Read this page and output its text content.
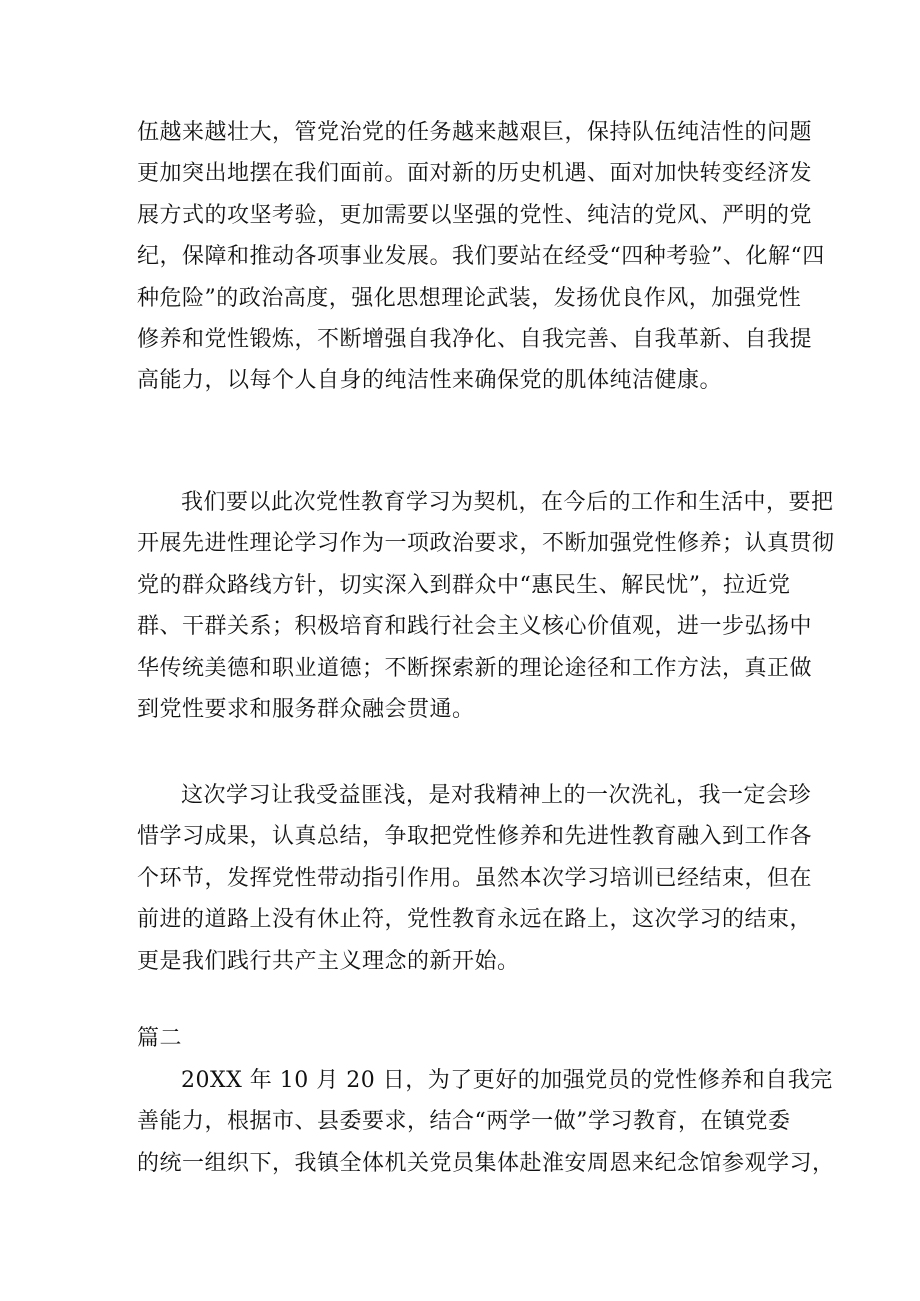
伍越来越壮大，管党治党的任务越来越艰巨，保持队伍纯洁性的问题
更加突出地摆在我们面前。面对新的历史机遇、面对加快转变经济发
展方式的攻坚考验，更加需要以坚强的党性、纯洁的党风、严明的党
纪，保障和推动各项事业发展。我们要站在经受“四种考验”、化解“四
种危险”的政治高度，强化思想理论武装，发扬优良作风，加强党性
修养和党性锻炼，不断增强自我净化、自我完善、自我革新、自我提
高能力，以每个人自身的纯洁性来确保党的肌体纯洁健康。
我们要以此次党性教育学习为契机，在今后的工作和生活中，要把
开展先进性理论学习作为一项政治要求，不断加强党性修养；认真贯彻
党的群众路线方针，切实深入到群众中“惠民生、解民忧”，拉近党
群、干群关系；积极培育和践行社会主义核心价值观，进一步弘扬中
华传统美德和职业道德；不断探索新的理论途径和工作方法，真正做
到党性要求和服务群众融会贯通。
这次学习让我受益匪浅，是对我精神上的一次洗礼，我一定会珍
惜学习成果，认真总结，争取把党性修养和先进性教育融入到工作各
个环节，发挥党性带动指引作用。虽然本次学习培训已经结束，但在
前进的道路上没有休止符，党性教育永远在路上，这次学习的结束，
更是我们践行共产主义理念的新开始。
篇二
20XX 年 10 月 20 日，为了更好的加强党员的党性修养和自我完
善能力，根据市、县委要求，结合“两学一做”学习教育，在镇党委
的统一组织下，我镇全体机关党员集体赴淮安周恩来纪念馆参观学习，
